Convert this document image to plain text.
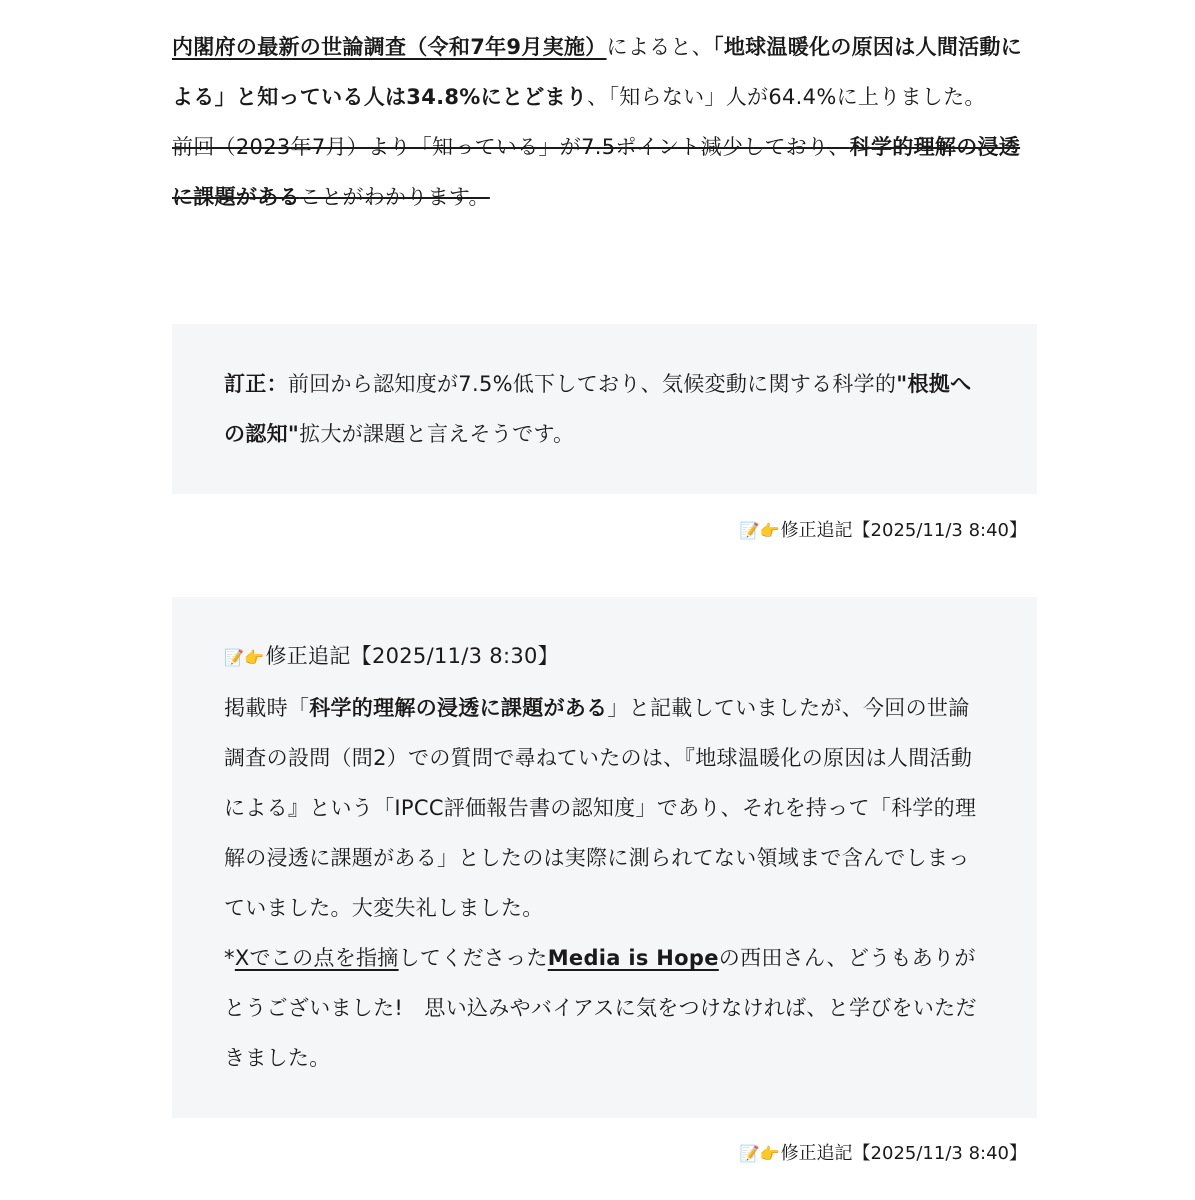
内閣府の最新の世論調査（令和7年9月実施）によると、「地球温暖化の原因は人間活動による」と知っている人は34.8%にとどまり、「知らない」人が64.4%に上りました。

前回（2023年7月）より「知っている」が7.5ポイント減少しており、科学的理解の浸透に課題があることがわかります。

訂正：前回から認知度が7.5%低下しており、気候変動に関する科学的"根拠への認知"拡大が課題と言えそうです。

📝👉修正追記【2025/11/3 8:40】

📝👉修正追記【2025/11/3 8:30】

掲載時「科学的理解の浸透に課題がある」と記載していましたが、今回の世論調査の設問（問2）での質問で尋ねていたのは、『地球温暖化の原因は人間活動による』という「IPCC評価報告書の認知度」であり、それを持って「科学的理解の浸透に課題がある」としたのは実際に測られてない領域まで含んでしまっていました。大変失礼しました。

*Xでこの点を指摘してくださったMedia is Hopeの西田さん、どうもありがとうございました!　思い込みやバイアスに気をつけなければ、と学びをいただきました。

📝👉修正追記【2025/11/3 8:40】
